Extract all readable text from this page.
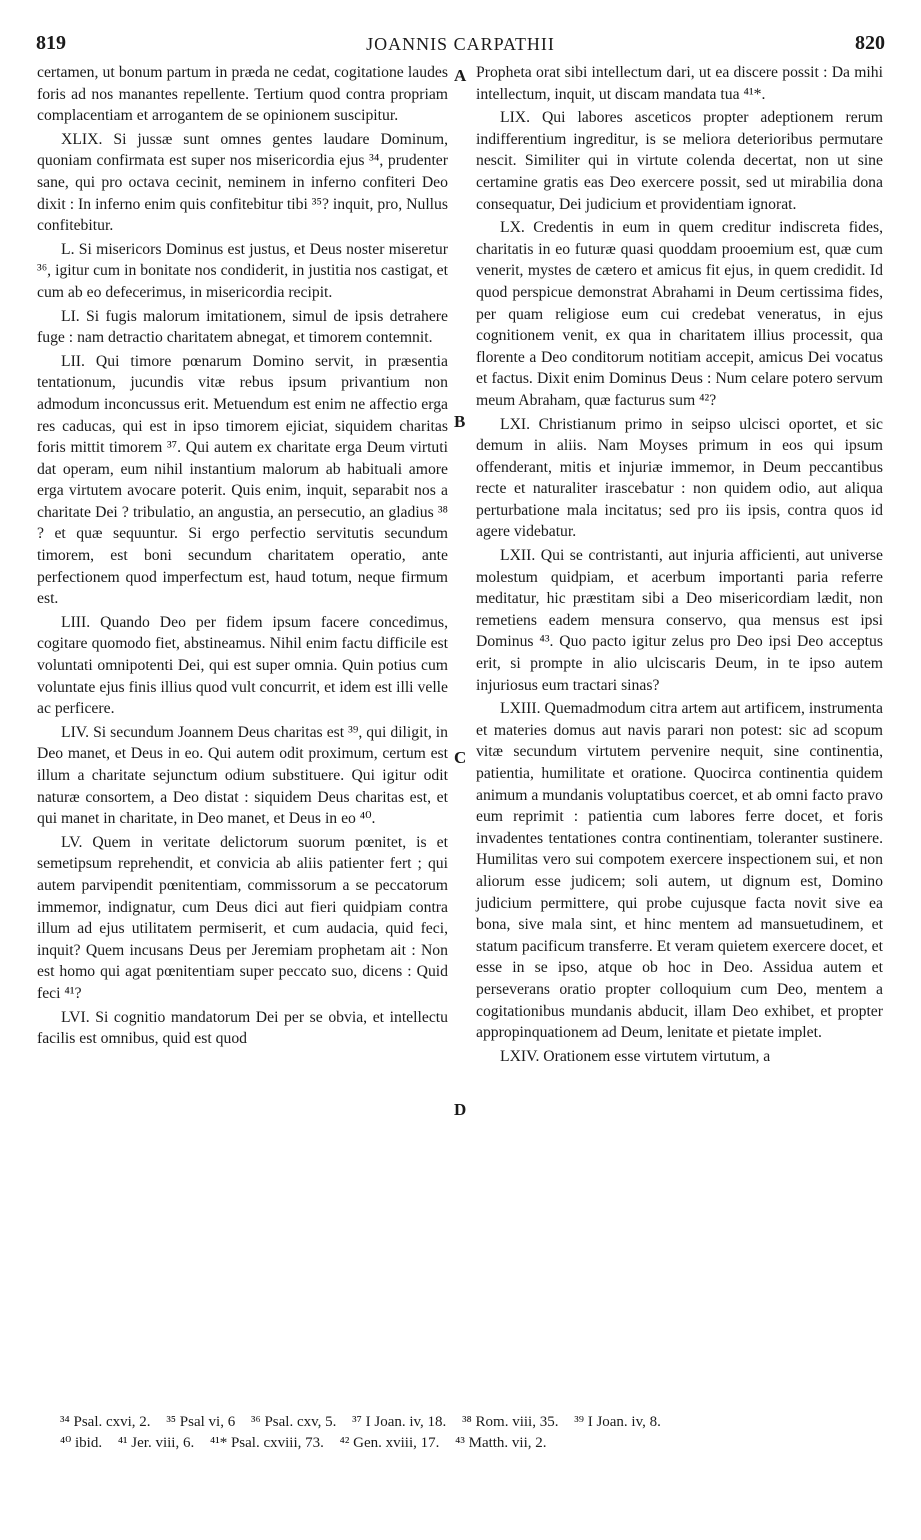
819	JOANNIS CARPATHII	820

certamen, ut bonum partum in præda ne cedat, cogitatione laudes foris ad nos manantes repellente. Tertium quod contra propriam complacentiam et arrogantem de se opinionem suscipitur.

XLIX. Si jussæ sunt omnes gentes laudare Dominum, quoniam confirmata est super nos misericordia ejus ³⁴, prudenter sane, qui pro octava cecinit, neminem in inferno confiteri Deo dixit : In inferno enim quis confitebitur tibi ³⁵? inquit, pro, Nullus confitebitur.

L. Si misericors Dominus est justus, et Deus noster miseretur ³⁶, igitur cum in bonitate nos condiderit, in justitia nos castigat, et cum ab eo defecerimus, in misericordia recipit.

LI. Si fugis malorum imitationem, simul de ipsis detrahere fuge : nam detractio charitatem abnegat, et timorem contemnit.

LII. Qui timore pœnarum Domino servit, in præsentia tentationum, jucundis vitæ rebus ipsum privantium non admodum inconcussus erit. Metuendum est enim ne affectio erga res caducas, qui est in ipso timorem ejiciat, siquidem charitas foris mittit timorem ³⁷. Qui autem ex charitate erga Deum virtuti dat operam, eum nihil instantium malorum ab habituali amore erga virtutem avocare poterit. Quis enim, inquit, separabit nos a charitate Dei ? tribulatio, an angustia, an persecutio, an gladius ³⁸ ? et quæ sequuntur. Si ergo perfectio servitutis secundum timorem, est boni secundum charitatem operatio, ante perfectionem quod imperfectum est, haud totum, neque firmum est.

LIII. Quando Deo per fidem ipsum facere concedimus, cogitare quomodo fiet, abstineamus. Nihil enim factu difficile est voluntati omnipotenti Dei, qui est super omnia. Quin potius cum voluntate ejus finis illius quod vult concurrit, et idem est illi velle ac perficere.

LIV. Si secundum Joannem Deus charitas est ³⁹, qui diligit, in Deo manet, et Deus in eo. Qui autem odit proximum, certum est illum a charitate sejunctum odium substituere. Qui igitur odit naturæ consortem, a Deo distat : siquidem Deus charitas est, et qui manet in charitate, in Deo manet, et Deus in eo ⁴⁰.

LV. Quem in veritate delictorum suorum pœnitet, is et semetipsum reprehendit, et convicia ab aliis patienter fert ; qui autem parvipendit pœnitentiam, commissorum a se peccatorum immemor, indignatur, cum Deus dici aut fieri quidpiam contra illum ad ejus utilitatem permiserit, et cum audacia, quid feci, inquit? Quem incusans Deus per Jeremiam prophetam ait : Non est homo qui agat pœnitentiam super peccato suo, dicens : Quid feci ⁴¹?

LVI. Si cognitio mandatorum Dei per se obvia, et intellectu facilis est omnibus, quid est quod

A
B
C
D

Propheta orat sibi intellectum dari, ut ea discere possit : Da mihi intellectum, inquit, ut discam mandata tua ⁴¹*.

LIX. Qui labores asceticos propter adeptionem rerum indifferentium ingreditur, is se meliora deterioribus permutare nescit. Similiter qui in virtute colenda decertat, non ut sine certamine gratis eas Deo exercere possit, sed ut mirabilia dona consequatur, Dei judicium et providentiam ignorat.

LX. Credentis in eum in quem creditur indiscreta fides, charitatis in eo futuræ quasi quoddam prooemium est, quæ cum venerit, mystes de cætero et amicus fit ejus, in quem credidit. Id quod perspicue demonstrat Abrahami in Deum certissima fides, per quam religiose eum cui credebat veneratus, in ejus cognitionem venit, ex qua in charitatem illius processit, qua florente a Deo conditorum notitiam accepit, amicus Dei vocatus et factus. Dixit enim Dominus Deus : Num celare potero servum meum Abraham, quæ facturus sum ⁴²?

LXI. Christianum primo in seipso ulcisci oportet, et sic demum in aliis. Nam Moyses primum in eos qui ipsum offenderant, mitis et injuriæ immemor, in Deum peccantibus recte et naturaliter irascebatur : non quidem odio, aut aliqua perturbatione mala incitatus; sed pro iis ipsis, contra quos id agere videbatur.

LXII. Qui se contristanti, aut injuria afficienti, aut universe molestum quidpiam, et acerbum importanti paria referre meditatur, hic præstitam sibi a Deo misericordiam lædit, non remetiens eadem mensura conservo, qua mensus est ipsi Dominus ⁴³. Quo pacto igitur zelus pro Deo ipsi Deo acceptus erit, si prompte in alio ulciscaris Deum, in te ipso autem injuriosus eum tractari sinas?

LXIII. Quemadmodum citra artem aut artificem, instrumenta et materies domus aut navis parari non potest: sic ad scopum vitæ secundum virtutem pervenire nequit, sine continentia, patientia, humilitate et oratione. Quocirca continentia quidem animum a mundanis voluptatibus coercet, et ab omni facto pravo eum reprimit : patientia cum labores ferre docet, et foris invadentes tentationes contra continentiam, toleranter sustinere. Humilitas vero sui compotem exercere inspectionem sui, et non aliorum esse judicem; soli autem, ut dignum est, Domino judicium permittere, qui probe cujusque facta novit sive ea bona, sive mala sint, et hinc mentem ad mansuetudinem, et statum pacificum transferre. Et veram quietem exercere docet, et esse in se ipso, atque ob hoc in Deo. Assidua autem et perseverans oratio propter colloquium cum Deo, mentem a cogitationibus mundanis abducit, illam Deo exhibet, et propter appropinquationem ad Deum, lenitate et pietate implet.

LXIV. Orationem esse virtutem virtutum, a

³⁴ Psal. cxvi, 2. ³⁵ Psal vi, 6 ³⁶ Psal. cxv, 5. ³⁷ I Joan. iv, 18. ³⁸ Rom. viii, 35. ³⁹ I Joan. iv, 8.
⁴⁰ ibid. ⁴¹ Jer. viii, 6. ⁴¹* Psal. cxviii, 73. ⁴² Gen. xviii, 17. ⁴³ Matth. vii, 2.
